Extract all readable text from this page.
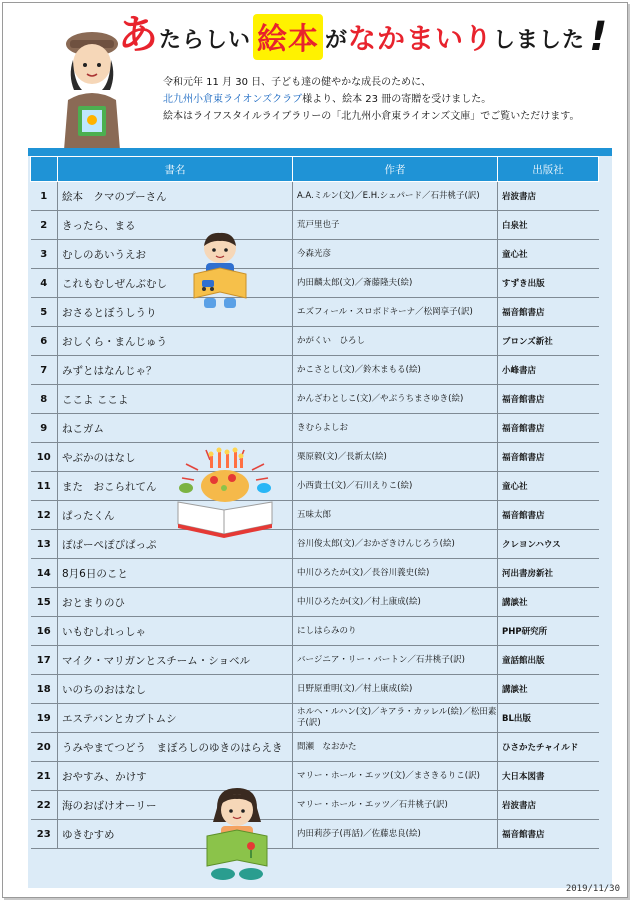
あ たらしい 絵本 が なかまいり しました !
令和元年 11 月 30 日、子ども達の健やかな成長のために、
北九州小倉東ライオンズクラブ様より、絵本 23 冊の寄贈を受けました。
絵本はライフスタイルライブラリーの「北九州小倉東ライオンズ文庫」でご覧いただけます。
	書名	作者	出版社
1	絵本　クマのプーさん	A.A.ミルン(文)／E.H.シェパード／石井桃子(訳)	岩波書店
2	きったら、まる	荒戸里也子	白泉社
3	むしのあいうえお	今森光彦	童心社
4	これもむしぜんぶむし	内田麟太郎(文)／斎藤隆夫(絵)	すずき出版
5	おさるとぼうしうり	エズフィール・スロボドキーナ／松岡享子(訳)	福音館書店
6	おしくら・まんじゅう	かがくい　ひろし	ブロンズ新社
7	みずとはなんじゃ？	かこさとし(文)／鈴木まもる(絵)	小峰書店
8	ここよ ここよ	かんざわとしこ(文)／やぶうちまさゆき(絵)	福音館書店
9	ねこガム	きむらよしお	福音館書店
10	やぶかのはなし	栗原毅(文)／長新太(絵)	福音館書店
11	また　おこられてん	小西貴士(文)／石川えりこ(絵)	童心社
12	ぱったくん	五味太郎	福音館書店
13	ぽぱーぺぽぴぱっぷ	谷川俊太郎(文)／おかざきけんじろう(絵)	クレヨンハウス
14	8月6日のこと	中川ひろたか(文)／長谷川義史(絵)	河出書房新社
15	おとまりのひ	中川ひろたか(文)／村上康成(絵)	講談社
16	いもむしれっしゃ	にしはらみのり	PHP研究所
17	マイク・マリガンとスチーム・ショベル	バージニア・リー・バートン／石井桃子(訳)	童話館出版
18	いのちのおはなし	日野原重明(文)／村上康成(絵)	講談社
19	エステバンとカブトムシ	ホルヘ・ルハン(文)／キアラ・カッレル(絵)／松田素子(訳)	BL出版
20	うみやまてつどう　まぼろしのゆきのはらえき	間瀬　なおかた	ひさかたチャイルド
21	おやすみ、かけす	マリー・ホール・エッツ(文)／まさきるりこ(訳)	大日本図書
22	海のおばけオーリー	マリー・ホール・エッツ／石井桃子(訳)	岩波書店
23	ゆきむすめ	内田莉莎子(再話)／佐藤忠良(絵)	福音館書店
2019/11/30
